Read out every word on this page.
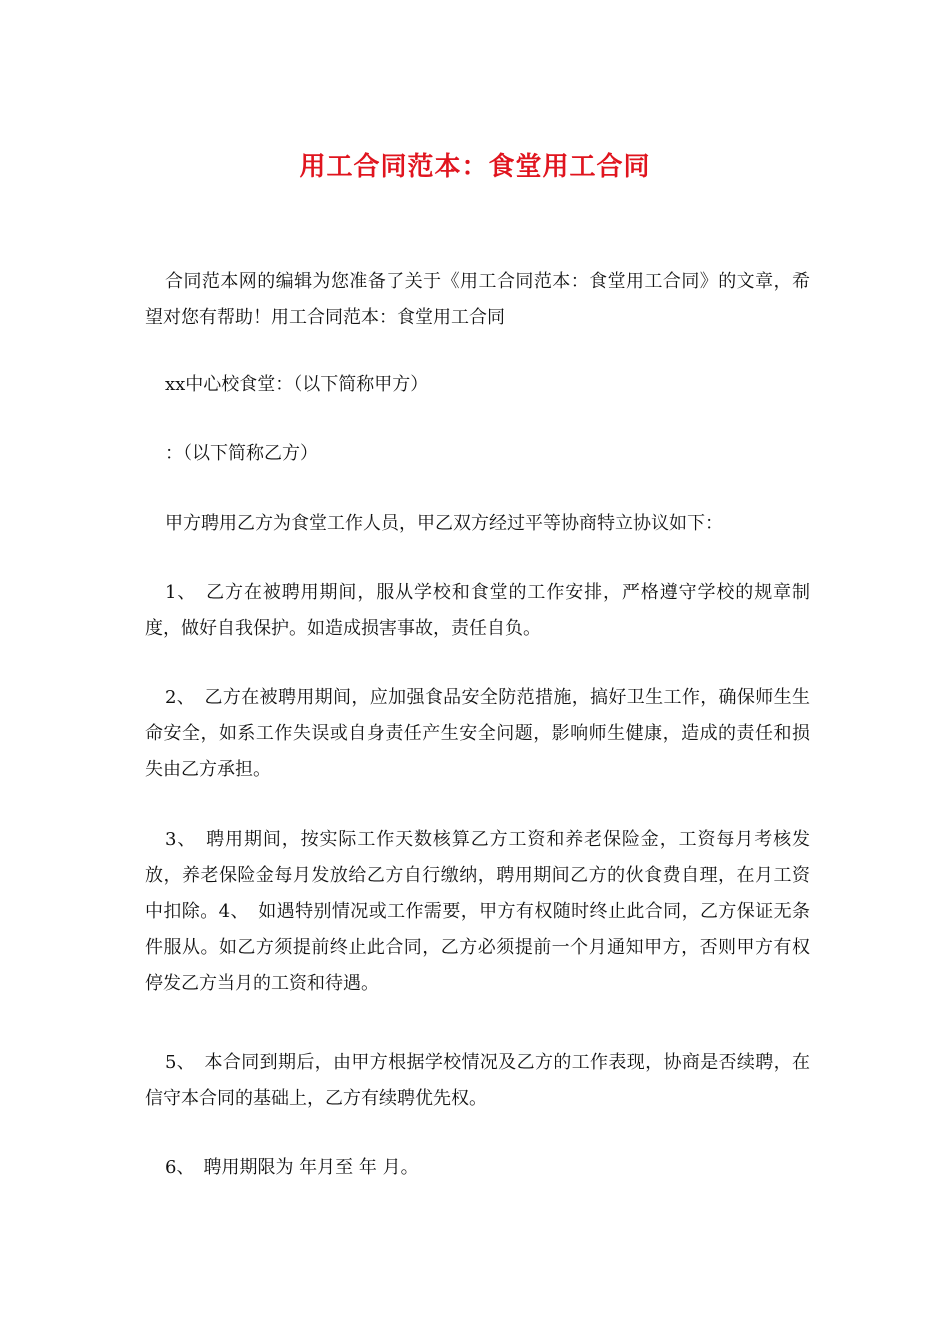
用工合同范本：食堂用工合同

合同范本网的编辑为您准备了关于《用工合同范本：食堂用工合同》的文章，希望对您有帮助！用工合同范本：食堂用工合同

xx中心校食堂：（以下简称甲方）

：（以下简称乙方）

甲方聘用乙方为食堂工作人员，甲乙双方经过平等协商特立协议如下：

1、　乙方在被聘用期间，服从学校和食堂的工作安排，严格遵守学校的规章制度，做好自我保护。如造成损害事故，责任自负。

2、　乙方在被聘用期间，应加强食品安全防范措施，搞好卫生工作，确保师生生命安全，如系工作失误或自身责任产生安全问题，影响师生健康，造成的责任和损失由乙方承担。

3、　聘用期间，按实际工作天数核算乙方工资和养老保险金，工资每月考核发放，养老保险金每月发放给乙方自行缴纳，聘用期间乙方的伙食费自理，在月工资中扣除。4、　如遇特别情况或工作需要，甲方有权随时终止此合同，乙方保证无条件服从。如乙方须提前终止此合同，乙方必须提前一个月通知甲方，否则甲方有权停发乙方当月的工资和待遇。

5、　本合同到期后，由甲方根据学校情况及乙方的工作表现，协商是否续聘，在信守本合同的基础上，乙方有续聘优先权。

6、　聘用期限为 年月至 年 月。
